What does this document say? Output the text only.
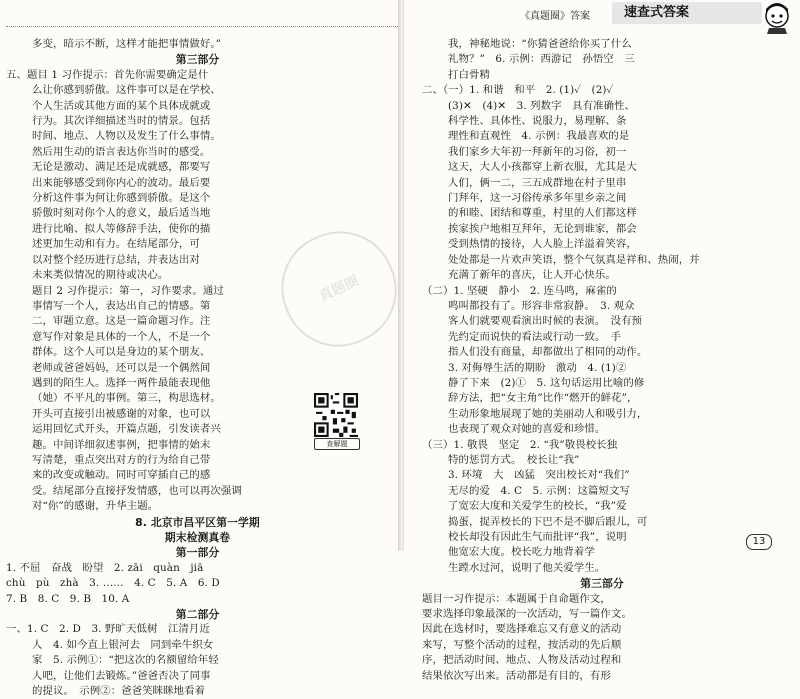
真题圈
《真题圈》答案	速查式答案

多变，暗示不断，这样才能把事情做好。”

第三部分

五、题目 1 习作提示：首先你需要确定是什

么让你感到骄傲。这件事可以是在学校、

个人生活或其他方面的某个具体成就或

行为。其次详细描述当时的情景。包括

时间、地点、人物以及发生了什么事情。

然后用生动的语言表达你当时的感受。

无论是激动、满足还是成就感，都要写

出来能够感受到你内心的波动。最后要

分析这件事为何让你感到骄傲。是这个

骄傲时刻对你个人的意义，最后适当地

进行比喻、拟人等修辞手法，使你的描

述更加生动和有力。在结尾部分，可

以对整个经历进行总结，并表达出对

未来类似情况的期待或决心。

题目 2 习作提示：第一，习作要求。通过

事情写一个人，表达出自己的情感。第

二，审题立意。这是一篇命题习作。注

意写作对象是具体的一个人，不是一个

群体。这个人可以是身边的某个朋友、

老师或爸爸妈妈，还可以是一个偶然间

遇到的陌生人。选择一两件最能表现他

（她）不平凡的事例。第三，构思选材。

开头可直接引出被感谢的对象，也可以

运用回忆式开头，开篇点题，引发读者兴

趣。中间详细叙述事例，把事情的始末

写清楚，重点突出对方的行为给自己带

来的改变或触动。同时可穿插自己的感

受。结尾部分直接抒发情感，也可以再次强调

对“你”的感谢，升华主题。

8. 北京市昌平区第一学期

期末检测真卷

第一部分

1. 不屈　奋战　盼望　2. zāi　quàn　jiā

chù　pù　zhà　3. ……　4. C　5. A　6. D

7. B　8. C　9. B　10. A

第二部分

一、1. C　2. D　3. 野旷天低树　江清月近

人　4. 如今直上银河去　同到牵牛织女

家　5. 示例①：“把这次的名额留给年轻

人吧，让他们去锻炼。”爸爸否决了同事

的提议。　示例②：爸爸笑眯眯地看着

我，神秘地说：“你猜爸爸给你买了什么

礼物？”　6. 示例：西游记　孙悟空　三

打白骨精

二、（一）1. 和谐　和平　2. (1)✓　(2)✓

(3)✕　(4)✕　3. 列数字　具有准确性、

科学性、具体性、说服力，易理解、条

理性和直观性　4. 示例：我最喜欢的是

我们家乡大年初一拜新年的习俗，初一

这天，大人小孩都穿上新衣服，尤其是大

人们，俩一二，三五成群地在村子里串

门拜年，这一习俗传承多年里乡亲之间

的和睦、团结和尊重，村里的人们都这样

挨家挨户地相互拜年，无论到谁家，都会

受到热情的接待，人人脸上洋溢着笑容，

处处都是一片欢声笑语，整个气氛真是祥和、热闹，并

充满了新年的喜庆，让人开心快乐。

（二）1. 坚硬　静小　2. 连马鸣，麻雀的

鸣叫都投有了。形容非常寂静。　3. 观众

客人们就要观看演出时候的表演。　没有预

先约定而说快的看法或行动一致。　手

指人们没有商量，却都做出了相同的动作。

3. 对侮辱生活的期盼　激动　4. (1)②

静了下来　(2)①　5. 这句话运用比喻的修

辞方法，把“女主角”比作“燃开的鲜花”，

生动形象地展现了她的美丽动人和吸引力，

也表现了观众对她的喜爱和珍惜。

（三）1. 敬畏　坚定　2. “我”敬畏校长独

特的惩罚方式。　校长让“我”

3. 环境　大　凶猛　突出校长对“我们”

无尽的爱　4. C　5. 示例：这篇短文写

了宽宏大度和关爱学生的校长，“我”爱

捣蛋，捉弄校长的下巴不是不脚后跟儿，可

校长却没有因此生气而批评“我”，说明

他宽宏大度。校长吃力地背着学

生蹚水过河，说明了他关爱学生。

第三部分

题目一习作提示：本题属于自命题作文，

要求选择印象最深的一次活动，写一篇作文。

因此在选材时，要选择难忘又有意义的活动

来写，写整个活动的过程，按活动的先后顺

序，把活动时间、地点、人物及活动过程和

结果依次写出来。活动都是有目的，有形

查解题
13
